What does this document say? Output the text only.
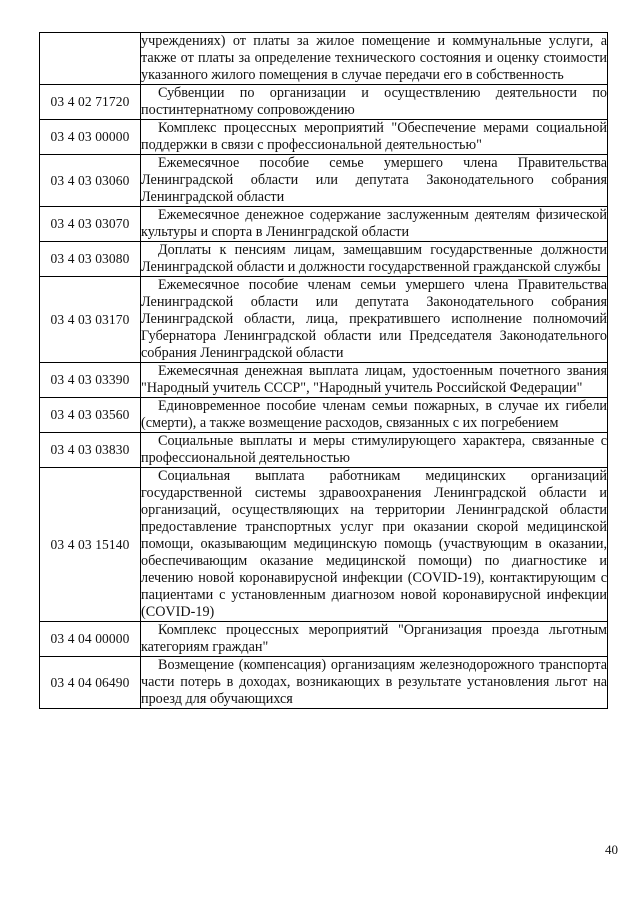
	учреждениях) от платы за жилое помещение и коммунальные услуги, а также от платы за определение технического состояния и оценку стоимости указанного жилого помещения в случае передачи его в собственность
03 4 02 71720	Субвенции по организации и осуществлению деятельности по постинтернатному сопровождению
03 4 03 00000	Комплекс процессных мероприятий "Обеспечение мерами социальной поддержки в связи с профессиональной деятельностью"
03 4 03 03060	Ежемесячное пособие семье умершего члена Правительства Ленинградской области или депутата Законодательного собрания Ленинградской области
03 4 03 03070	Ежемесячное денежное содержание заслуженным деятелям физической культуры и спорта в Ленинградской области
03 4 03 03080	Доплаты к пенсиям лицам, замещавшим государственные должности Ленинградской области и должности государственной гражданской службы
03 4 03 03170	Ежемесячное пособие членам семьи умершего члена Правительства Ленинградской области или депутата Законодательного собрания Ленинградской области, лица, прекратившего исполнение полномочий Губернатора Ленинградской области или Председателя Законодательного собрания Ленинградской области
03 4 03 03390	Ежемесячная денежная выплата лицам, удостоенным почетного звания "Народный учитель СССР", "Народный учитель Российской Федерации"
03 4 03 03560	Единовременное пособие членам семьи пожарных, в случае их гибели (смерти), а также возмещение расходов, связанных с их погребением
03 4 03 03830	Социальные выплаты и меры стимулирующего характера, связанные с профессиональной деятельностью
03 4 03 15140	Социальная выплата работникам медицинских организаций государственной системы здравоохранения Ленинградской области и организаций, осуществляющих на территории Ленинградской области предоставление транспортных услуг при оказании скорой медицинской помощи, оказывающим медицинскую помощь (участвующим в оказании, обеспечивающим оказание медицинской помощи) по диагностике и лечению новой коронавирусной инфекции (COVID-19), контактирующим с пациентами с установленным диагнозом новой коронавирусной инфекции (COVID-19)
03 4 04 00000	Комплекс процессных мероприятий "Организация проезда льготным категориям граждан"
03 4 04 06490	Возмещение (компенсация) организациям железнодорожного транспорта части потерь в доходах, возникающих в результате установления льгот на проезд для обучающихся
40
